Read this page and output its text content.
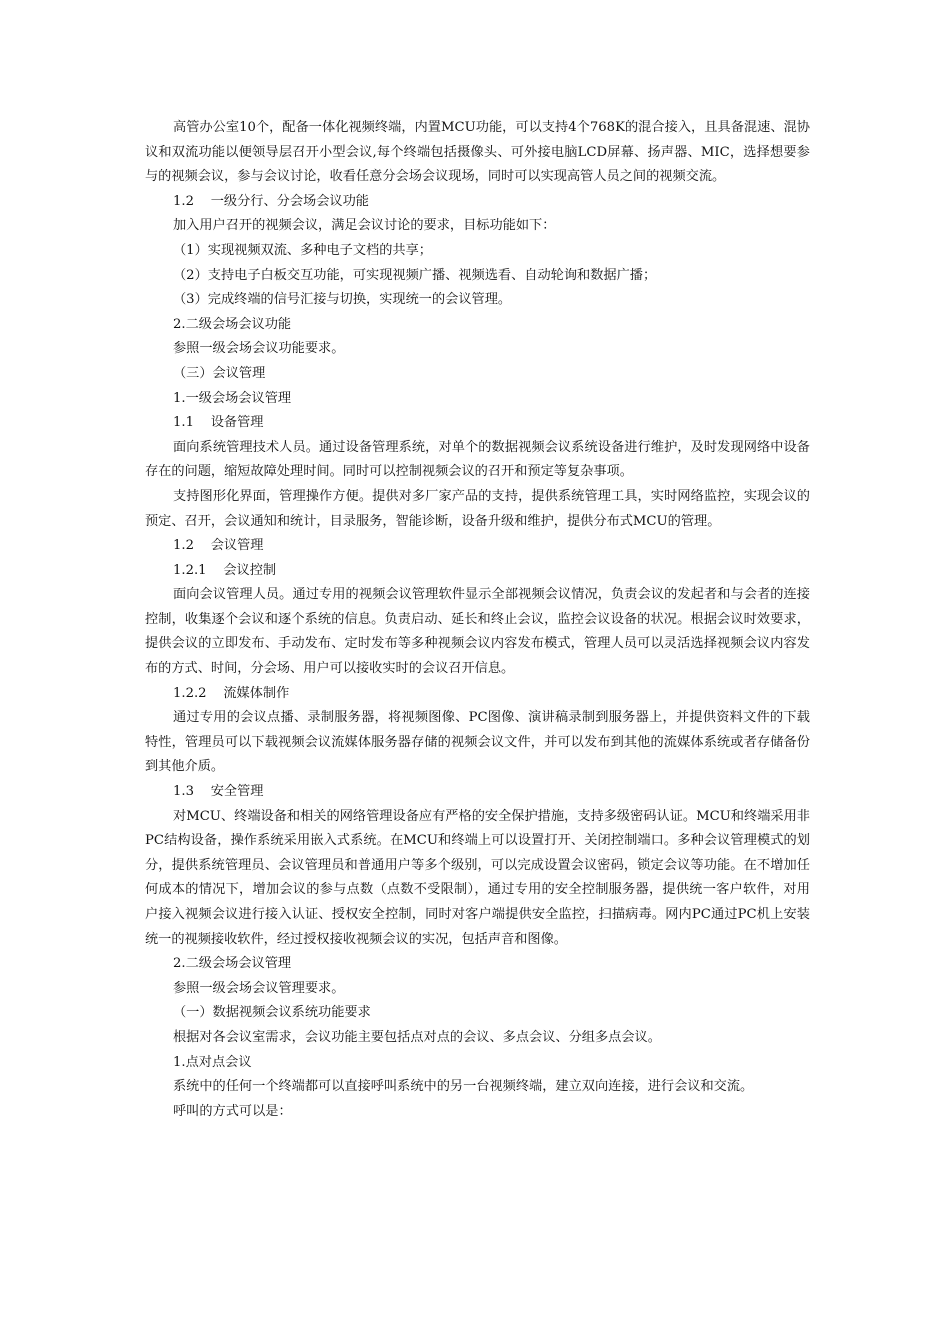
高管办公室10个，配备一体化视频终端，内置MCU功能，可以支持4个768K的混合接入，且具备混速、混协议和双流功能以便领导层召开小型会议,每个终端包括摄像头、可外接电脑LCD屏幕、扬声器、MIC，选择想要参与的视频会议，参与会议讨论，收看任意分会场会议现场，同时可以实现高管人员之间的视频交流。

1.2    一级分行、分会场会议功能

加入用户召开的视频会议，满足会议讨论的要求，目标功能如下：

（1）实现视频双流、多种电子文档的共享；

（2）支持电子白板交互功能，可实现视频广播、视频选看、自动轮询和数据广播；

（3）完成终端的信号汇接与切换，实现统一的会议管理。

2.二级会场会议功能

参照一级会场会议功能要求。

（三）会议管理

1.一级会场会议管理

1.1    设备管理

面向系统管理技术人员。通过设备管理系统，对单个的数据视频会议系统设备进行维护，及时发现网络中设备存在的问题，缩短故障处理时间。同时可以控制视频会议的召开和预定等复杂事项。

支持图形化界面，管理操作方便。提供对多厂家产品的支持，提供系统管理工具，实时网络监控，实现会议的预定、召开，会议通知和统计，目录服务，智能诊断，设备升级和维护，提供分布式MCU的管理。

1.2    会议管理

1.2.1    会议控制

面向会议管理人员。通过专用的视频会议管理软件显示全部视频会议情况，负责会议的发起者和与会者的连接控制，收集逐个会议和逐个系统的信息。负责启动、延长和终止会议，监控会议设备的状况。根据会议时效要求，提供会议的立即发布、手动发布、定时发布等多种视频会议内容发布模式，管理人员可以灵活选择视频会议内容发布的方式、时间，分会场、用户可以接收实时的会议召开信息。

1.2.2    流媒体制作

通过专用的会议点播、录制服务器，将视频图像、PC图像、演讲稿录制到服务器上，并提供资料文件的下载特性，管理员可以下载视频会议流媒体服务器存储的视频会议文件，并可以发布到其他的流媒体系统或者存储备份到其他介质。

1.3    安全管理

对MCU、终端设备和相关的网络管理设备应有严格的安全保护措施，支持多级密码认证。MCU和终端采用非PC结构设备，操作系统采用嵌入式系统。在MCU和终端上可以设置打开、关闭控制端口。多种会议管理模式的划分，提供系统管理员、会议管理员和普通用户等多个级别，可以完成设置会议密码，锁定会议等功能。在不增加任何成本的情况下，增加会议的参与点数（点数不受限制），通过专用的安全控制服务器，提供统一客户软件，对用户接入视频会议进行接入认证、授权安全控制，同时对客户端提供安全监控，扫描病毒。网内PC通过PC机上安装统一的视频接收软件，经过授权接收视频会议的实况，包括声音和图像。

2.二级会场会议管理

参照一级会场会议管理要求。

（一）数据视频会议系统功能要求

根据对各会议室需求，会议功能主要包括点对点的会议、多点会议、分组多点会议。

1.点对点会议

系统中的任何一个终端都可以直接呼叫系统中的另一台视频终端，建立双向连接，进行会议和交流。

呼叫的方式可以是：
